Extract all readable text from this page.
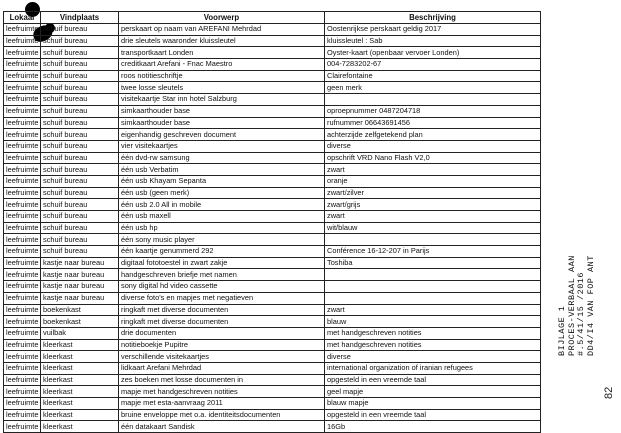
Lokaal	Vindplaats	Voorwerp	Beschrijving
leefruimte	schuif bureau	perskaart op naam van AREFANI Mehrdad	Oostenrijkse perskaart geldig 2017
leefruimte	schuif bureau	drie sleutels waaronder kluissleutel	kluissleutel : Sab
leefruimte	schuif bureau	transportkaart Londen	Oyster-kaart (openbaar vervoer Londen)
leefruimte	schuif bureau	creditkaart Arefani - Fnac Maestro	004-7283202-67
leefruimte	schuif bureau	roos notitieschriftje	Clairefontaine
leefruimte	schuif bureau	twee losse sleutels	geen merk
leefruimte	schuif bureau	visitekaartje Star inn hotel Salzburg	
leefruimte	schuif bureau	simkaarthouder base	oproepnummer 0487204718
leefruimte	schuif bureau	simkaarthouder base	rufnummer 06643691456
leefruimte	schuif bureau	eigenhandig geschreven document	achterzijde zelfgetekend plan
leefruimte	schuif bureau	vier visitekaartjes	diverse
leefruimte	schuif bureau	één dvd-rw samsung	opschrift VRD Nano Flash V2,0
leefruimte	schuif bureau	één usb Verbatim	zwart
leefruimte	schuif bureau	één usb Khayam Sepanta	oranje
leefruimte	schuif bureau	één usb (geen merk)	zwart/zilver
leefruimte	schuif bureau	één usb 2.0 All in mobile	zwart/grijs
leefruimte	schuif bureau	één usb maxell	zwart
leefruimte	schuif bureau	één usb hp	wit/blauw
leefruimte	schuif bureau	één sony music player	
leefruimte	schuif bureau	één kaartje genummerd 292	Conférence 16-12-207 in Parijs
leefruimte	kastje naar bureau	digitaal fototoestel in zwart zakje	Toshiba
leefruimte	kastje naar bureau	handgeschreven briefje met namen	
leefruimte	kastje naar bureau	sony digital hd video cassette	
leefruimte	kastje naar bureau	diverse foto's en mapjes met negatieven	
leefruimte	boekenkast	ringkaft met diverse documenten	zwart
leefruimte	boekenkast	ringkaft met diverse documenten	blauw
leefruimte	vuilbak	drie documenten	met handgeschreven notities
leefruimte	kleerkast	notitieboekje Pupitre	met handgeschreven notities
leefruimte	kleerkast	verschillende visitekaartjes	diverse
leefruimte	kleerkast	lidkaart Arefani Mehrdad	international organization of iranian refugees
leefruimte	kleerkast	zes boeken met losse documenten in	opgesteld in een vreemde taal
leefruimte	kleerkast	mapje met handgeschreven notities	geel mapje
leefruimte	kleerkast	mapje met esta-aanvraag 2011	blauw mapje
leefruimte	kleerkast	bruine enveloppe met o.a. identiteitsdocumenten	opgesteld in een vreemde taal
leefruimte	kleerkast	één datakaart Sandisk	16Gb
BIJLAGE 1 PROCES-VERBAAL AAN #.5/41/15 /2016 DD4/I4 VAN FOP ANT
82
